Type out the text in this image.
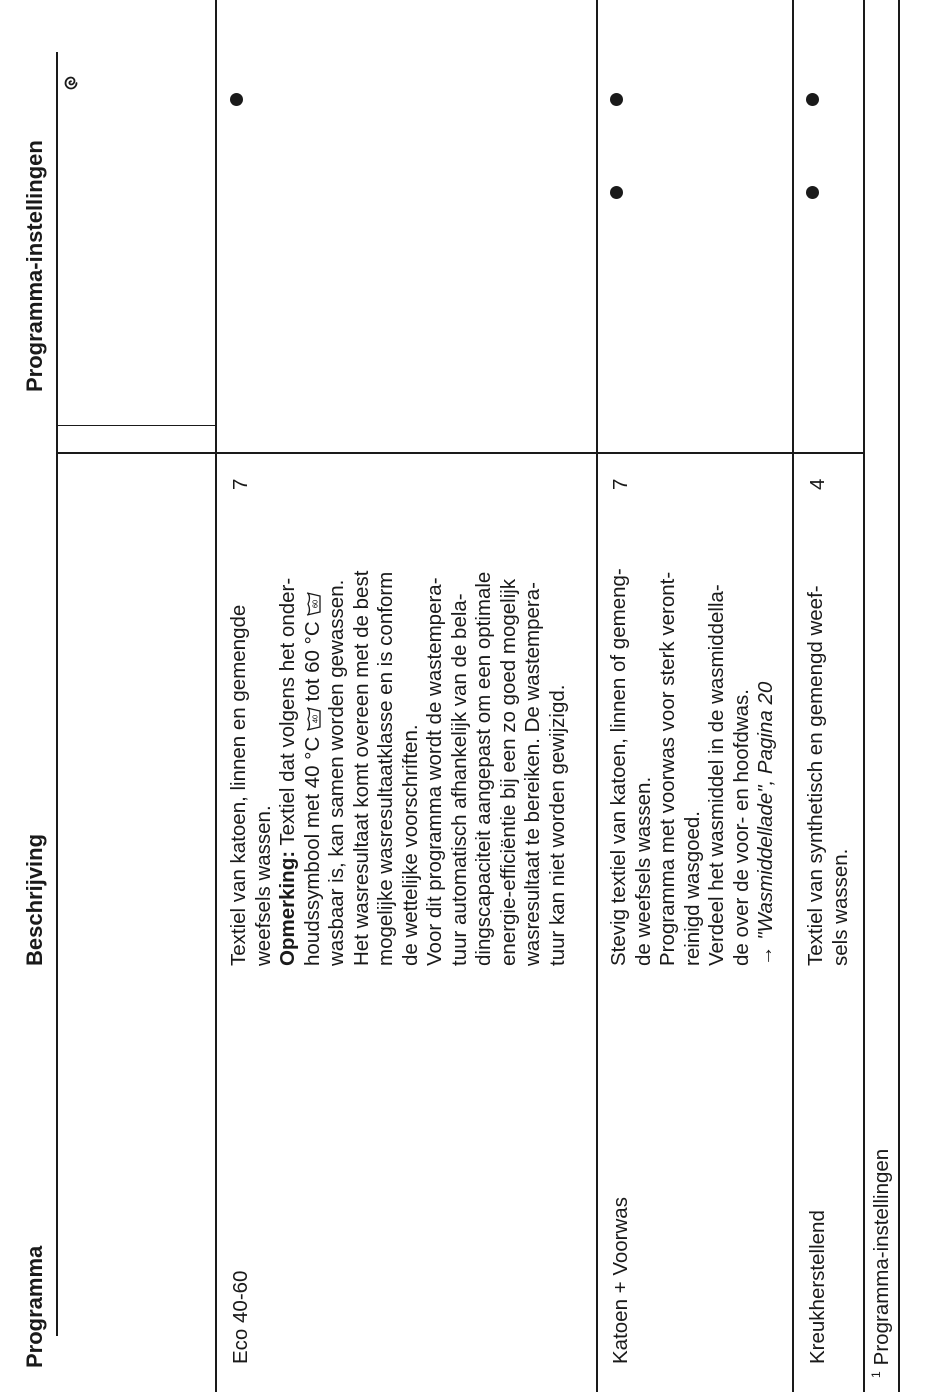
Programma
Beschrijving
Programma-instellingen
Eco 40-60
Textiel van katoen, linnen en gemengde weefsels wassen. Opmerking: Textiel dat volgens het onder- houdssymbool met 40 °C
40
tot 60 °C
60 wasbaar is, kan samen worden gewassen. Het wasresultaat komt overeen met de best mogelijke wasresultaatklasse en is conform de wettelijke voorschriften. Voor dit programma wordt de wastempera- tuur automatisch afhankelijk van de bela- dingscapaciteit aangepast om een optimale energie-efficiëntie bij een zo goed mogelijk wasresultaat te bereiken. De wastempera- tuur kan niet worden gewijzigd.
7
Katoen + Voorwas
Stevig textiel van katoen, linnen of gemeng- de weefsels wassen. Programma met voorwas voor sterk veront- reinigd wasgoed. Verdeel het wasmiddel in de wasmiddella- de over de voor- en hoofdwas. → "Wasmiddellade", Pagina 20
7
Kreukherstellend
Textiel van synthetisch en gemengd weef- sels wassen.
4
$^1$Programma-instellingen
